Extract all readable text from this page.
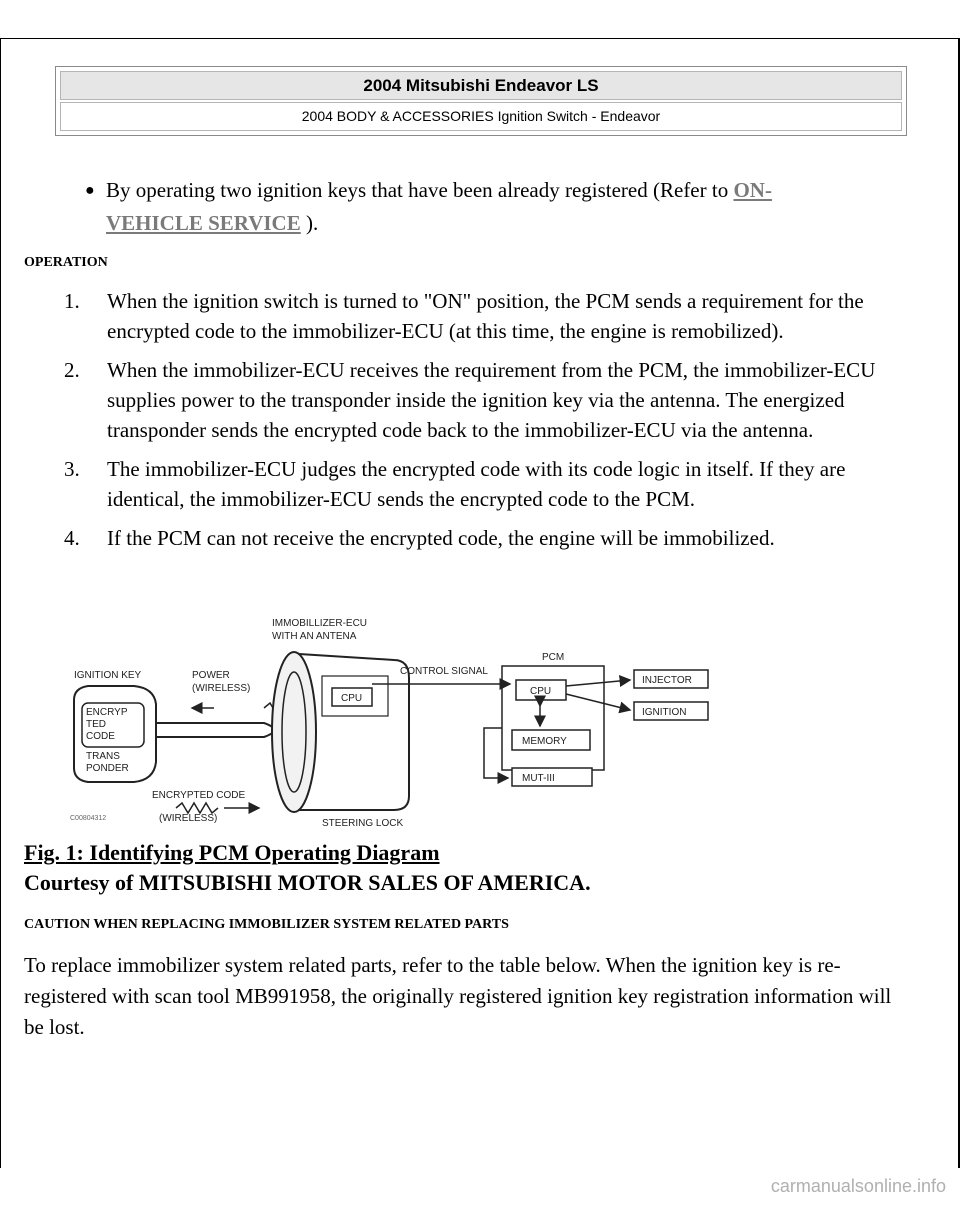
2004 Mitsubishi Endeavor LS
2004 BODY & ACCESSORIES Ignition Switch - Endeavor
● By operating two ignition keys that have been already registered (Refer to ON-
VEHICLE SERVICE ).
OPERATION
1. When the ignition switch is turned to "ON" position, the PCM sends a requirement for the encrypted code to the immobilizer-ECU (at this time, the engine is remobilized).
2. When the immobilizer-ECU receives the requirement from the PCM, the immobilizer-ECU supplies power to the transponder inside the ignition key via the antenna. The energized transponder sends the encrypted code back to the immobilizer-ECU via the antenna.
3. The immobilizer-ECU judges the encrypted code with its code logic in itself. If they are identical, the immobilizer-ECU sends the encrypted code to the PCM.
4. If the PCM can not receive the encrypted code, the engine will be immobilized.
IGNITION KEY
ENCRYP
TED
CODE
TRANS
PONDER
POWER
(WIRELESS)
ENCRYPTED CODE
(WIRELESS)
IMMOBILLIZER-ECU
WITH AN ANTENA
CPU
STEERING LOCK
CONTROL SIGNAL
PCM
CPU
MEMORY
INJECTOR
IGNITION
MUT-III
C00804312
Fig. 1: Identifying PCM Operating Diagram
Courtesy of MITSUBISHI MOTOR SALES OF AMERICA.
CAUTION WHEN REPLACING IMMOBILIZER SYSTEM RELATED PARTS
To replace immobilizer system related parts, refer to the table below. When the ignition key is re-registered with scan tool MB991958, the originally registered ignition key registration information will be lost.
carmanualsonline.info
